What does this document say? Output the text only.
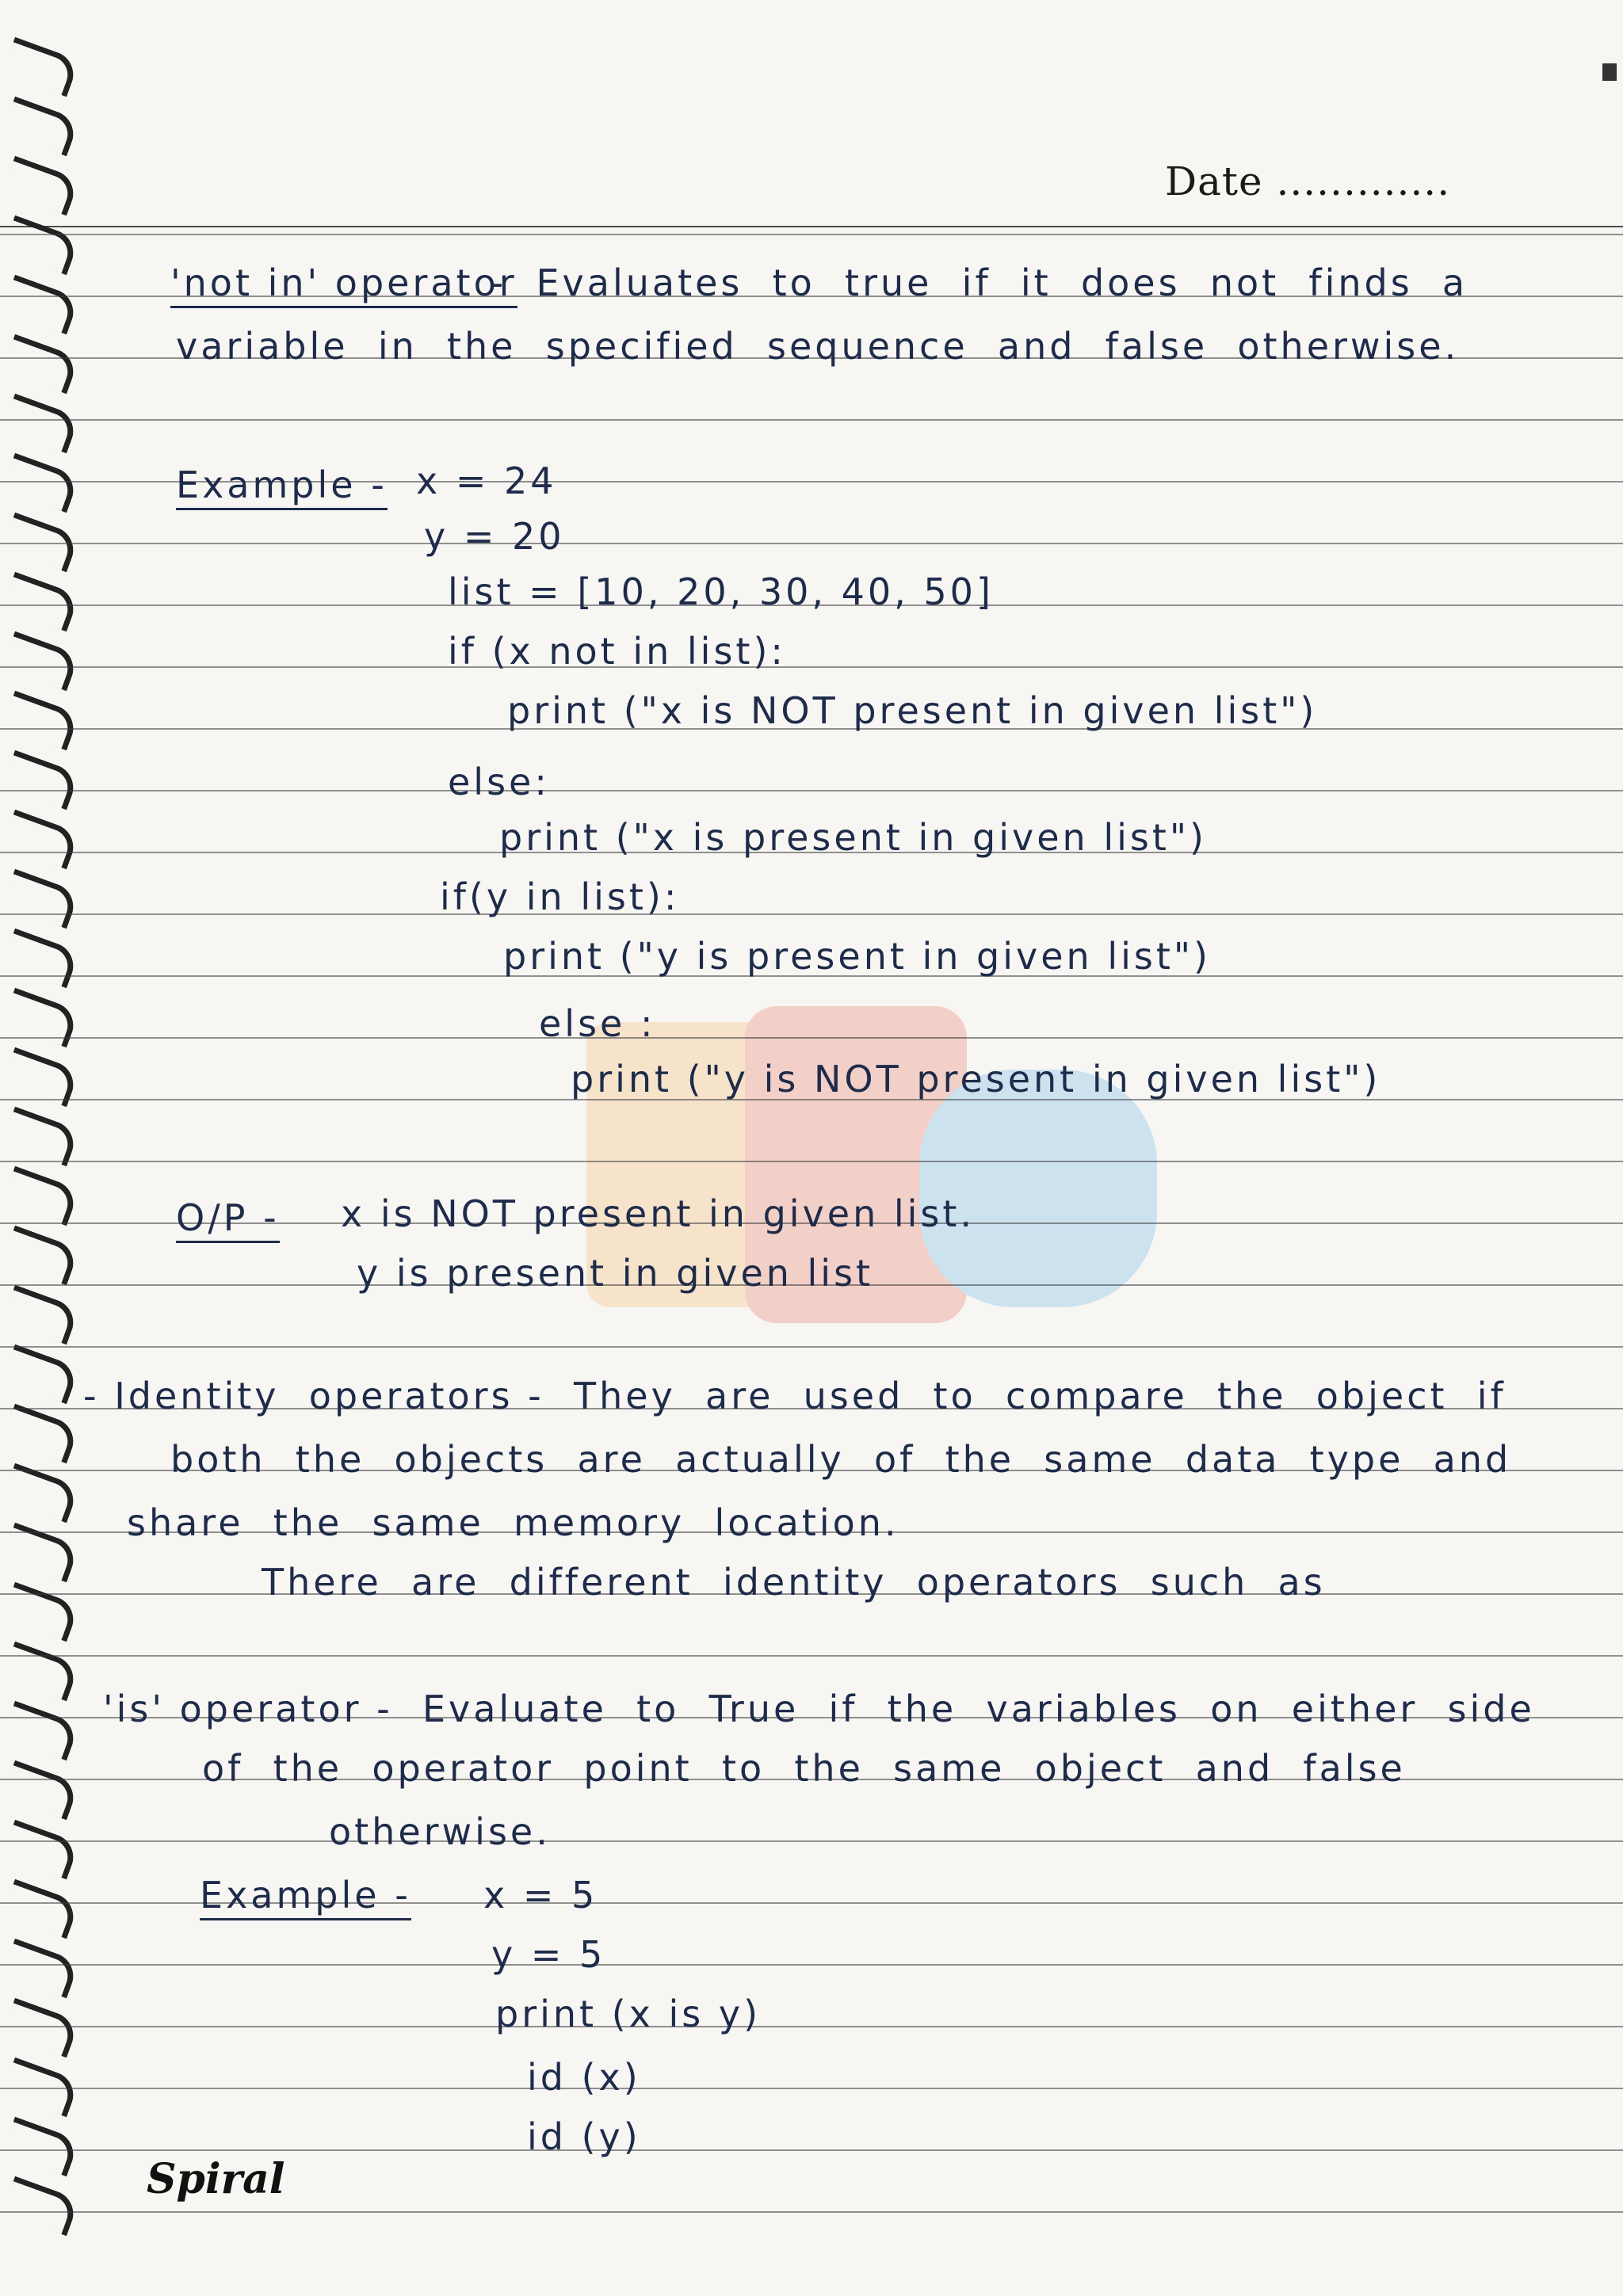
Date .............
'not in' operator
-  Evaluates  to  true  if  it  does  not  finds  a
variable  in  the  specified  sequence  and  false  otherwise.
Example - x = 24
y = 20
list = [10, 20, 30, 40, 50]
if (x not in list):
print ("x is NOT present in given list")
else:
print ("x is present in given list")
if(y in list):
print ("y is present in given list")
else :
print ("y is NOT present in given list")
O/P - x is NOT present in given list.
y is present in given list
- Identity  operators -  They  are  used  to  compare  the  object  if
both  the  objects  are  actually  of  the  same  data  type  and
share  the  same  memory  location.
There  are  different  identity  operators  such  as
'is' operator -  Evaluate  to  True  if  the  variables  on  either  side
of  the  operator  point  to  the  same  object  and  false
otherwise.
Example - x = 5
y = 5
print (x is y)
id (x)
id (y)
Spiral
